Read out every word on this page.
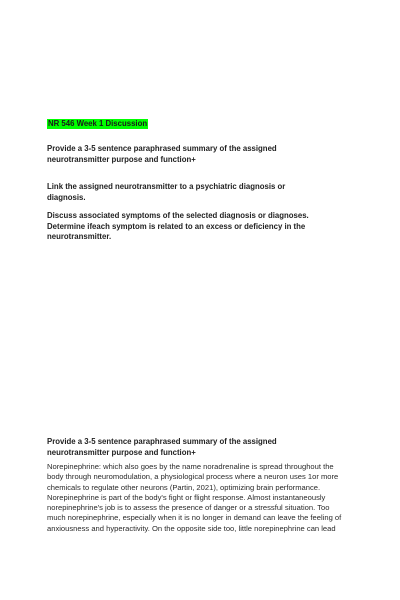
NR 546 Week 1 Discussion
Provide a 3-5 sentence paraphrased summary of the assigned
neurotransmitter purpose and function+
Link the assigned neurotransmitter to a psychiatric diagnosis or
diagnosis.
Discuss associated symptoms of the selected diagnosis or diagnoses.
Determine ifeach symptom is related to an excess or deficiency in the
neurotransmitter.
Provide a 3-5 sentence paraphrased summary of the assigned
neurotransmitter purpose and function+
Norepinephrine: which also goes by the name noradrenaline is spread throughout the
body through neuromodulation, a physiological process where a neuron uses 1or more
chemicals to regulate other neurons (Partin, 2021), optimizing brain performance.
Norepinephrine is part of the body's fight or flight response. Almost instantaneously
norepinephrine's job is to assess the presence of danger or a stressful situation. Too
much norepinephrine, especially when it is no longer in demand can leave the feeling of
anxiousness and hyperactivity. On the opposite side too, little norepinephrine can lead
